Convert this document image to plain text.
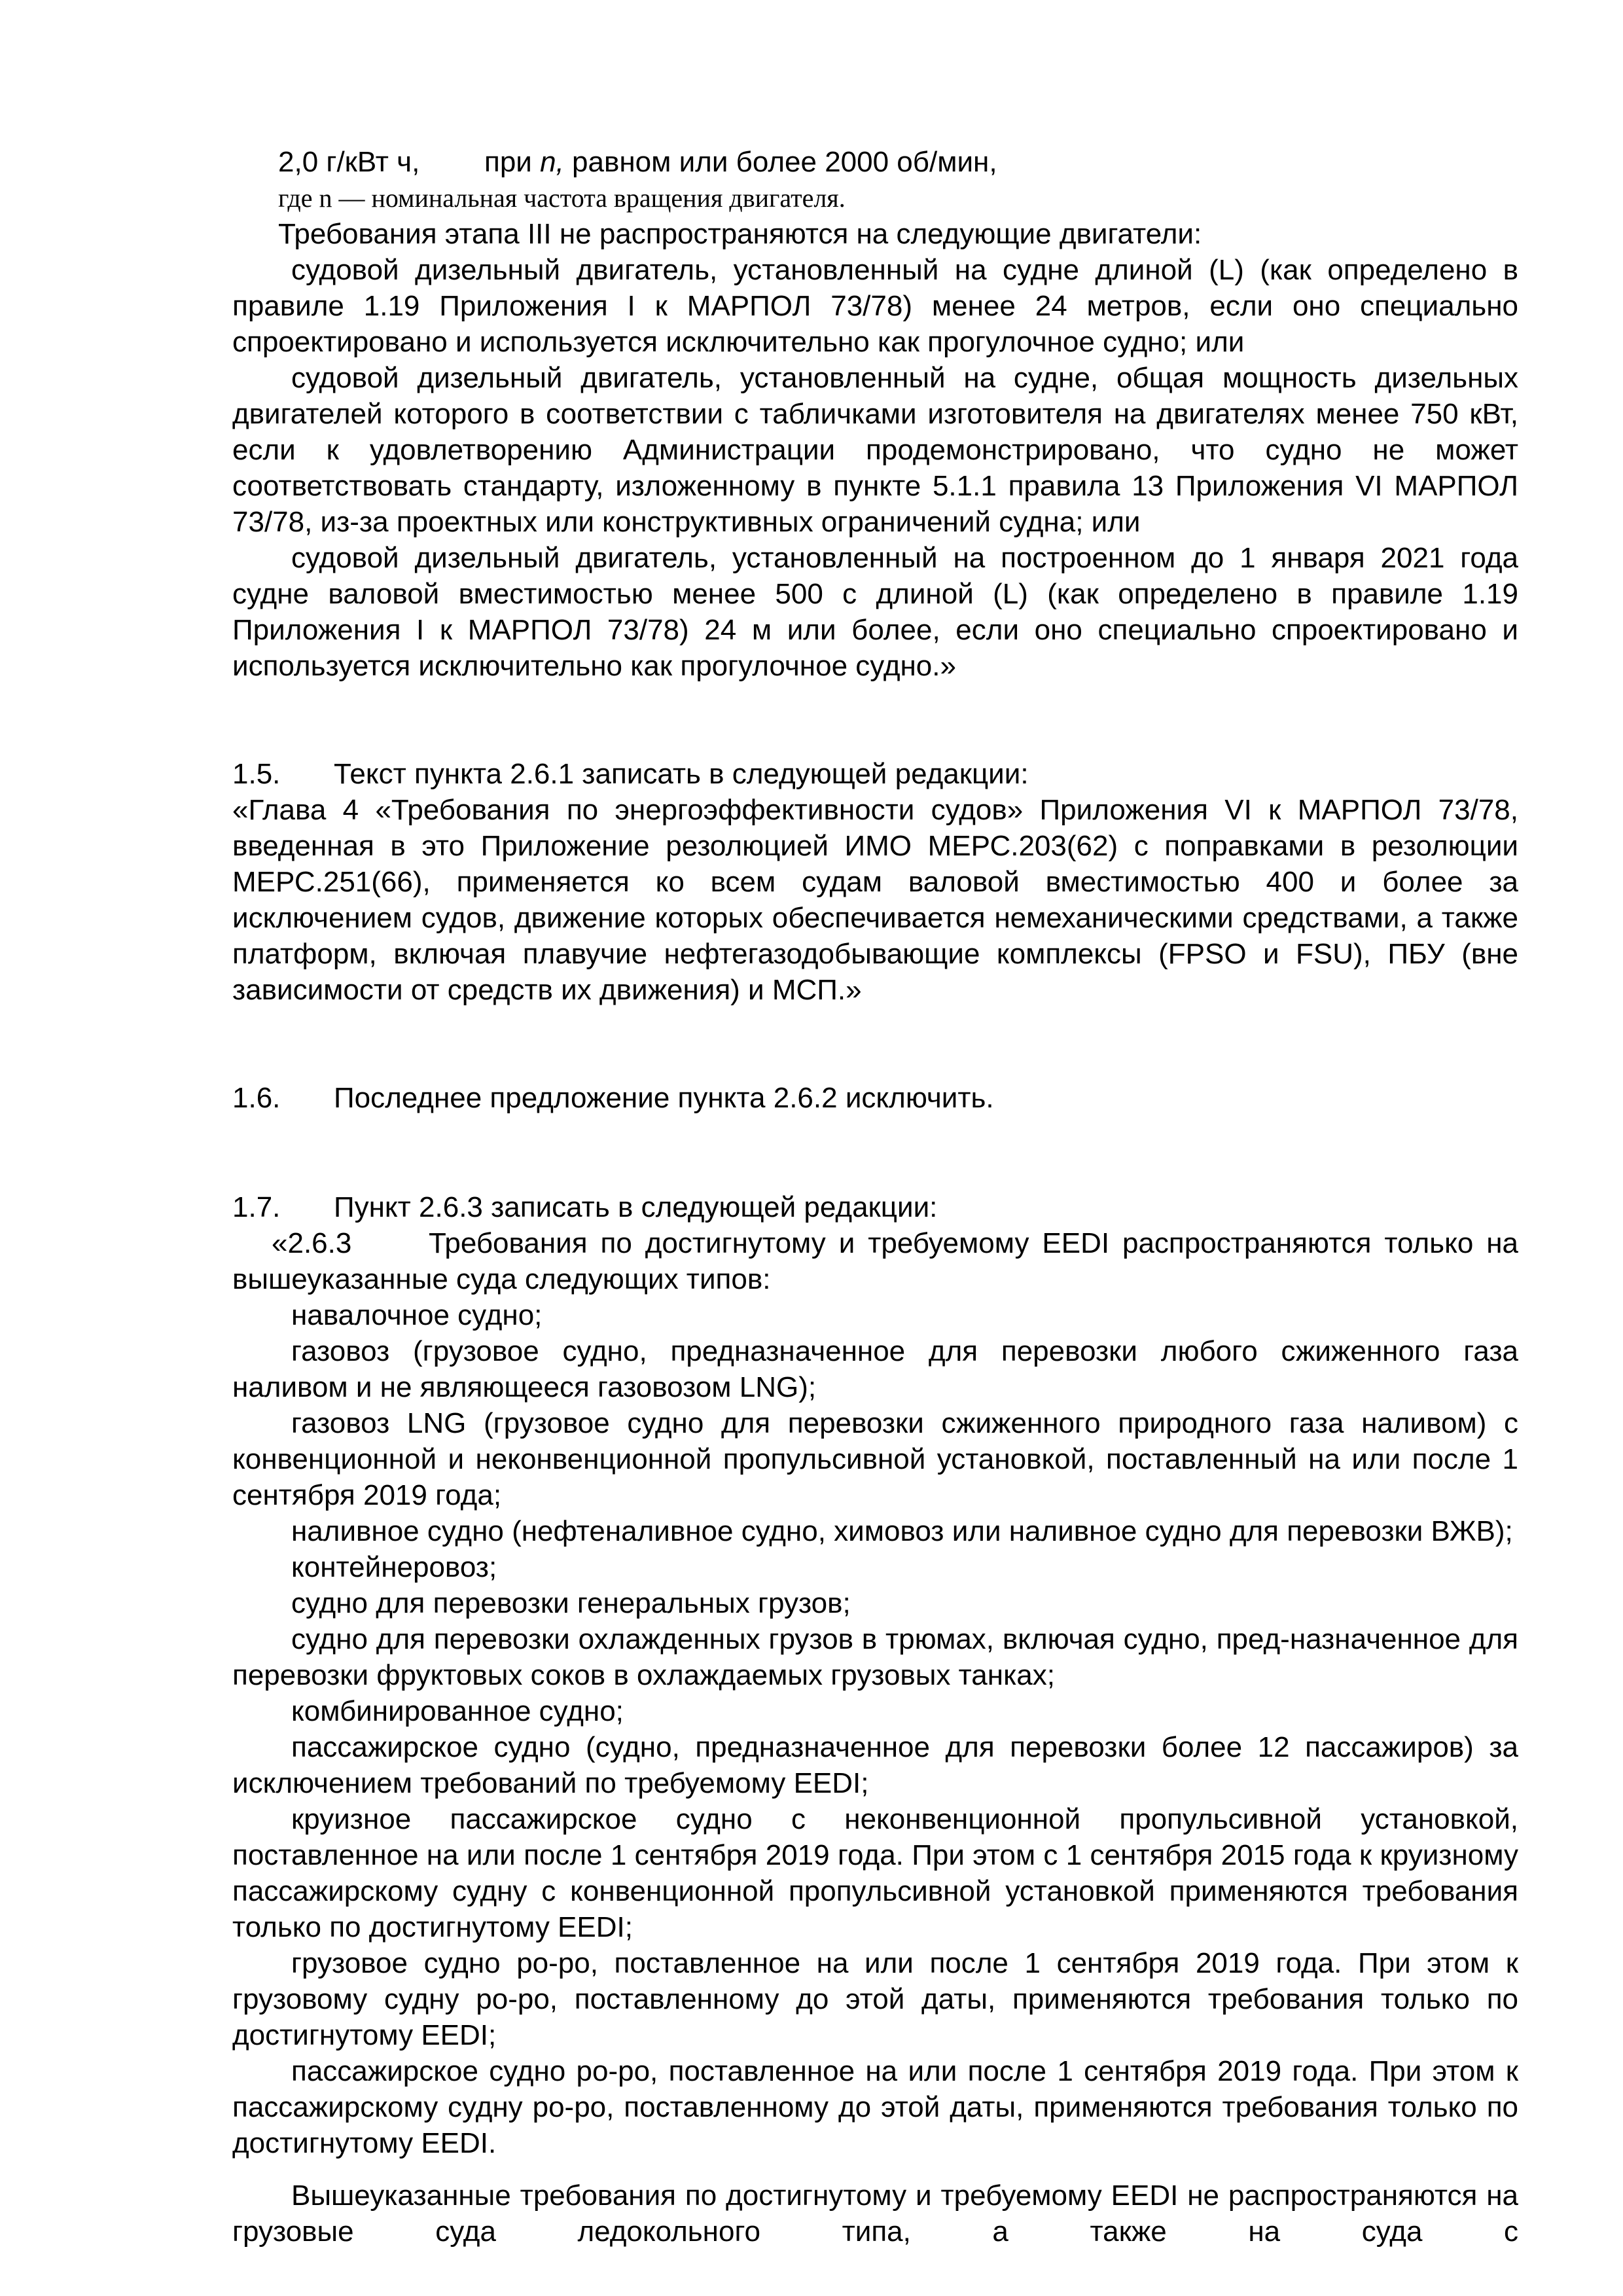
2,0 г/кВт ч,	при n, равном или более 2000 об/мин,

где n — номинальная частота вращения двигателя.

Требования этапа III не распространяются на следующие двигатели:

судовой дизельный двигатель, установленный на судне длиной (L) (как определено в правиле 1.19 Приложения I к МАРПОЛ 73/78) менее 24 метров, если оно специально спроектировано и используется исключительно как прогулочное судно; или

судовой дизельный двигатель, установленный на судне, общая мощность дизельных двигателей которого в соответствии с табличками изготовителя на двигателях менее 750 кВт, если к удовлетворению Администрации продемонстрировано, что судно не может соответствовать стандарту, изложенному в пункте 5.1.1 правила 13 Приложения VI МАРПОЛ 73/78, из-за проектных или конструктивных ограничений судна; или

судовой дизельный двигатель, установленный на построенном до 1 января 2021 года судне валовой вместимостью менее 500 с длиной (L) (как определено в правиле 1.19 Приложения I к МАРПОЛ 73/78) 24 м или более, если оно специально спроектировано и используется исключительно как прогулочное судно.»

1.5. Текст пункта 2.6.1 записать в следующей редакции:

«Глава 4 «Требования по энергоэффективности судов» Приложения VI к МАРПОЛ 73/78, введенная в это Приложение резолюцией ИМО МЕРС.203(62) с поправками в резолюции МЕРС.251(66), применяется ко всем судам валовой вместимостью 400 и более за исключением судов, движение которых обеспечивается немеханическими средствами, а также платформ, включая плавучие нефтегазодобывающие комплексы (FPSO и FSU), ПБУ (вне зависимости от средств их движения) и МСП.»

1.6. Последнее предложение пункта 2.6.2 исключить.

1.7. Пункт 2.6.3 записать в следующей редакции:

«2.6.3	Требования по достигнутому и требуемому EEDI распространяются только на вышеуказанные суда следующих типов:

навалочное судно;

газовоз (грузовое судно, предназначенное для перевозки любого сжиженного газа наливом и не являющееся газовозом LNG);

газовоз LNG (грузовое судно для перевозки сжиженного природного газа наливом) с конвенционной и неконвенционной пропульсивной установкой, поставленный на или после 1 сентября 2019 года;

наливное судно (нефтеналивное судно, химовоз или наливное судно для перевозки ВЖВ);

контейнеровоз;

судно для перевозки генеральных грузов;

судно для перевозки охлажденных грузов в трюмах, включая судно, пред-назначенное для перевозки фруктовых соков в охлаждаемых грузовых танках;

комбинированное судно;

пассажирское судно (судно, предназначенное для перевозки более 12 пассажиров) за исключением требований по требуемому EEDI;

круизное пассажирское судно с неконвенционной пропульсивной установкой, поставленное на или после 1 сентября 2019 года. При этом с 1 сентября 2015 года к круизному пассажирскому судну с конвенционной пропульсивной установкой применяются требования только по достигнутому EEDI;

грузовое судно ро-ро, поставленное на или после 1 сентября 2019 года. При этом к грузовому судну ро-ро, поставленному до этой даты, применяются требования только по достигнутому EEDI;

пассажирское судно ро-ро, поставленное на или после 1 сентября 2019 года. При этом к пассажирскому судну ро-ро, поставленному до этой даты, применяются требования только по достигнутому EEDI.

Вышеуказанные требования по достигнутому и требуемому EEDI не распространяются на грузовые суда ледокольного типа, а также на суда с
